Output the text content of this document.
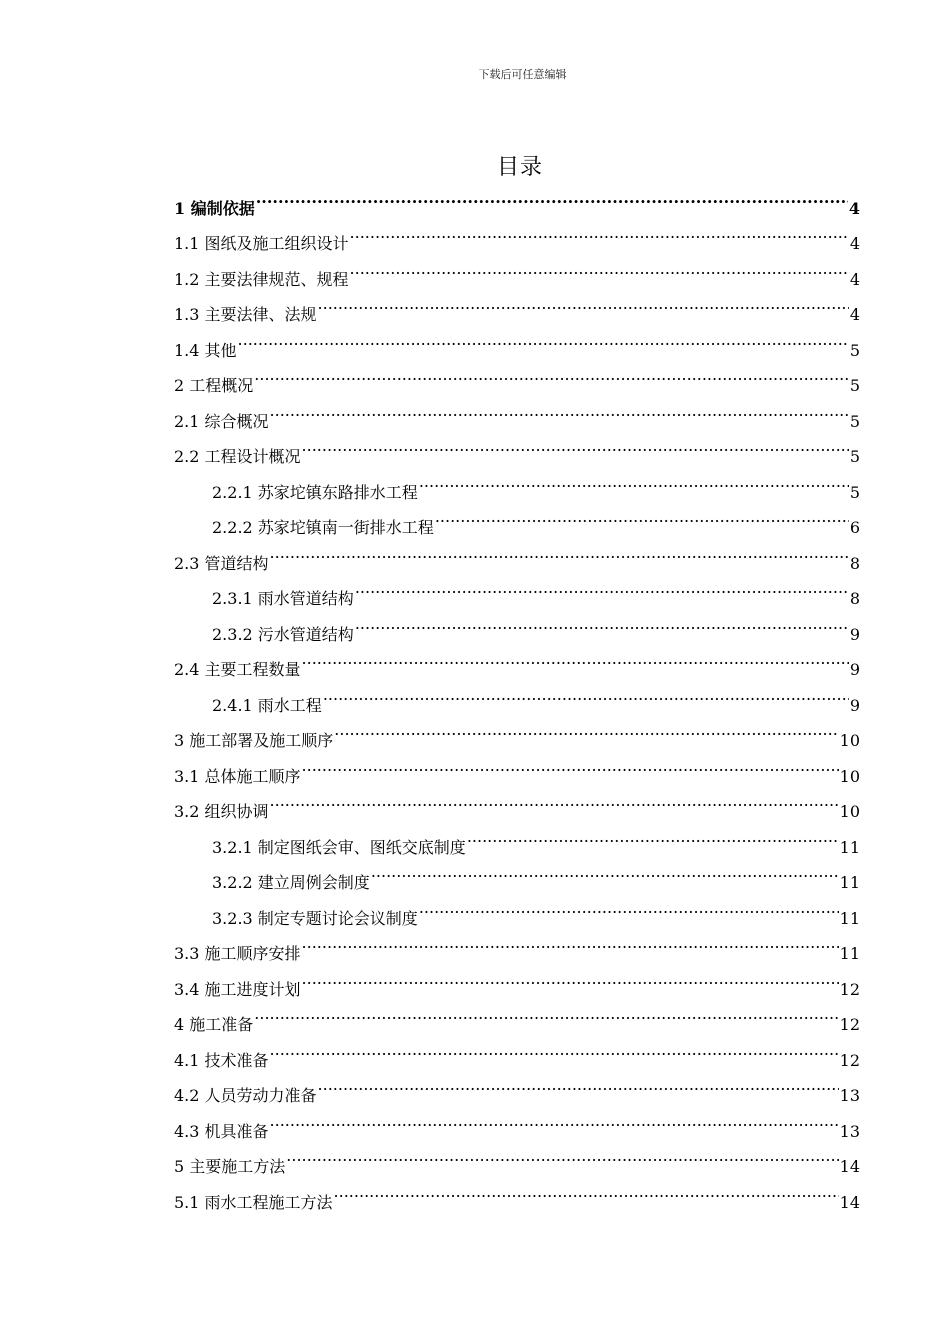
下载后可任意编辑
目录
1 编制依据 .....	4
1.1 图纸及施工组织设计 .....	4
1.2 主要法律规范、规程 .....	4
1.3 主要法律、法规 .....	4
1.4 其他 .....	5
2 工程概况 .....	5
2.1 综合概况 .....	5
2.2 工程设计概况 .....	5
2.2.1 苏家坨镇东路排水工程 .....	5
2.2.2 苏家坨镇南一街排水工程 .....	6
2.3 管道结构 .....	8
2.3.1 雨水管道结构 .....	8
2.3.2 污水管道结构 .....	9
2.4 主要工程数量 .....	9
2.4.1 雨水工程 .....	9
3 施工部署及施工顺序 .....	10
3.1 总体施工顺序 .....	10
3.2 组织协调 .....	10
3.2.1 制定图纸会审、图纸交底制度 .....	11
3.2.2 建立周例会制度 .....	11
3.2.3 制定专题讨论会议制度 .....	11
3.3 施工顺序安排 .....	11
3.4 施工进度计划 .....	12
4 施工准备 .....	12
4.1 技术准备 .....	12
4.2 人员劳动力准备 .....	13
4.3 机具准备 .....	13
5 主要施工方法 .....	14
5.1 雨水工程施工方法 .....	14
